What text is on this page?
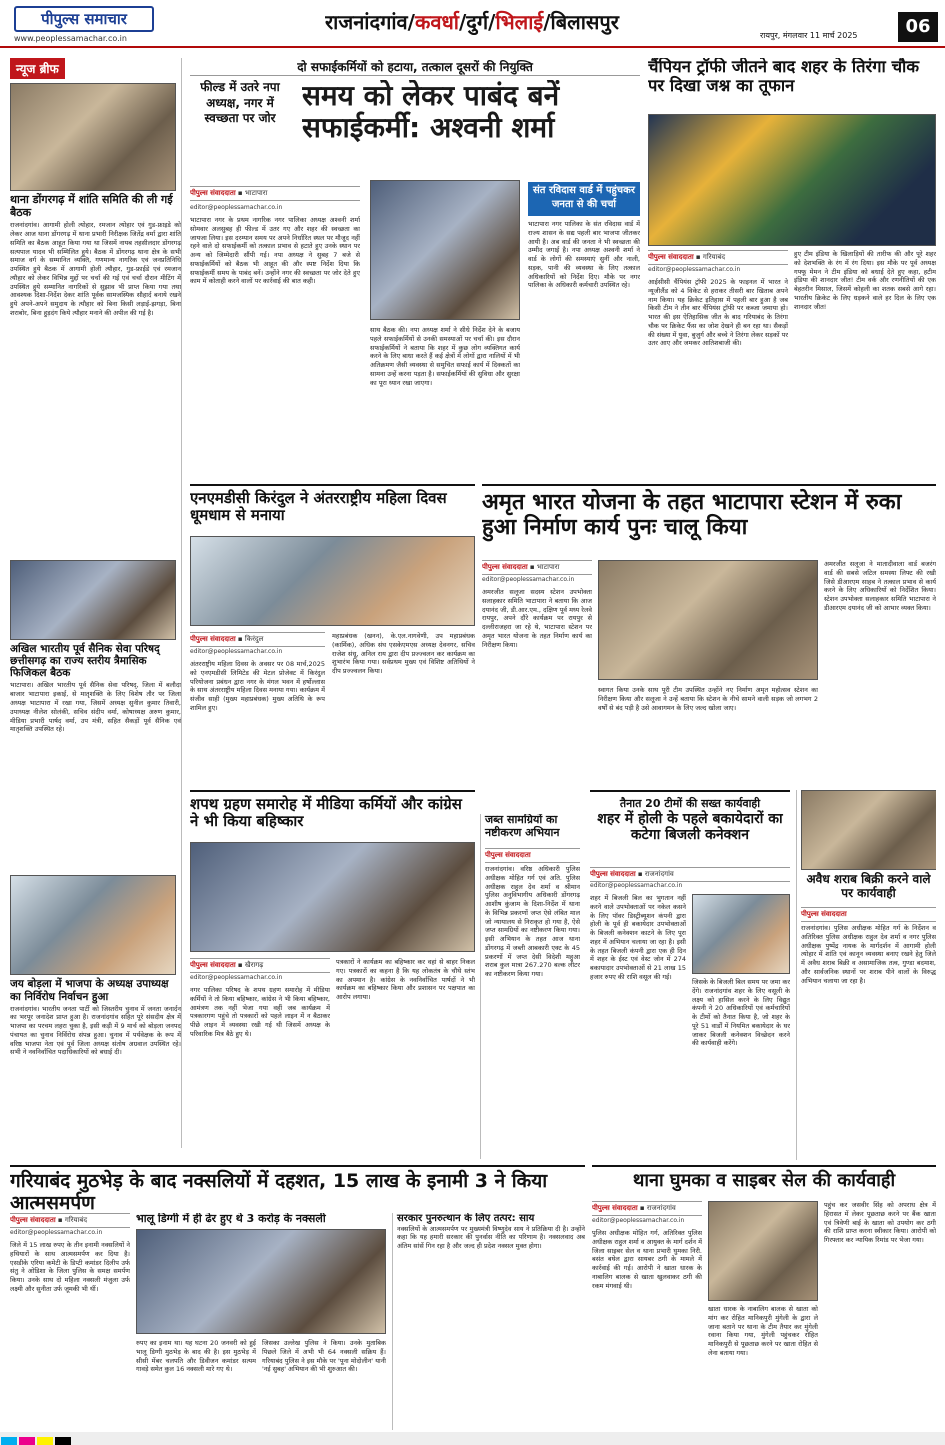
पीपुल्स समाचार
www.peoplessamachar.co.in
राजनांदगांव/कवर्धा/दुर्ग/भिलाई/बिलासपुर
रायपुर, मंगलवार 11 मार्च 2025	06
न्यूज ब्रीफ
थाना डोंगरगढ़ में शांति समिति की ली गई बैठक
राजनांदगांव। आगामी होली त्योहार, रमजान त्योहार एवं गुड-फ्राइडे को लेकर आज थाना डोंगरगढ़ में थाना प्रभारी निरीक्षक जितेंद्र वर्मा द्वारा शांति समिति का बैठक आहूत किया गया था जिसमें नायब तहसीलदार डोंगरगढ़ सत्यपाल यादव भी सम्मिलित हुये। बैठक में डोंगरगढ़ थाना क्षेत्र के सभी समाज वर्ग के सम्मानित व्यक्ति, गणमान्य नागरिक एवं जनप्रतिनिधि उपस्थित हुये बैठक में आगामी होली त्यौहार, गुड-फ्राईडे एवं रमजान त्यौहार को लेकर विभिन्न मुद्दों पर चर्चा की गई एवं चर्चा दौरान मीटिंग में उपस्थित हुये सम्मानित नागरिकों से सुझाव भी प्राप्त किया गया तथा आवश्यक दिशा-निर्देश देकर शांति पूर्वक सामजस्यिक सौहार्द बनाये रखने हुये अपने-अपने समुदाय के त्यौहार को बिना किसी लड़ाई-झगड़ा, बिना शराबोर, बिना हुड़दंग किये त्यौहार मनाने की अपील की गई है।
अखिल भारतीय पूर्व सैनिक सेवा परिषद् छत्तीसगढ़ का राज्य स्तरीय त्रैमासिक फिजिकल बैठक
भाटापारा। अखिल भारतीय पूर्व सैनिक सेवा परिषद्, जिला में बलौदा बाजार भाटापारा इकाई, से मातृशक्ति के लिए विशेष तौर पर जिला अध्यक्ष भाटापारा में रखा गया, जिसमें अध्यक्ष सुनील कुमार तिवारी, उपाध्यक्ष नीलेश सोलंकी, सचिव संदीप वर्मा, कोषाध्यक्ष अरुण कुमार, मीडिया प्रभारी पार्षद वर्मा, उप मंत्री, सहित सैकड़ों पूर्व सैनिक एवं मातृशक्ति उपस्थित रहे।
जय बोड़ला में भाजपा के अध्यक्ष उपाध्यक्ष का निर्विरोध निर्वाचन हुआ
राजनांदगांव। भारतीय जनता पार्टी को जिस्तरीय चुनाव में जनता जनार्दन का भरपूर जनादेश प्राप्त हुआ है। राजनांदगांव सहित पूरे संसदीय क्षेत्र में भाजपा का परचम लहरा चुका है, इसी कड़ी में 9 मार्च को बोड़ला जनपद पंचायत का चुनाव निर्विरोध संपन्न हुआ। चुनाव में पर्यवेक्षक के रूप में वरिष्ठ भाजपा नेता एवं पूर्व जिला अध्यक्ष संतोष अग्रवाल उपस्थित रहे। सभी ने नवनिर्वाचित पदाधिकारियों को बधाई दी।
दो सफाईकर्मियों को हटाया, तत्काल दूसरों की नियुक्ति
फील्ड में उतरे नपा अध्यक्ष, नगर में स्वच्छता पर जोर
समय को लेकर पाबंद बनें सफाईकर्मी: अश्वनी शर्मा
पीपुल्स संवाददाता ▪ भाटापारा
editor@peoplessamachar.co.in
भाटापारा नगर के प्रथम नागरिक नगर पालिका अध्यक्ष अश्वनी शर्मा सोमवार अलसुबह ही फील्ड में उतर गए और शहर की स्वच्छता का जायजा लिया। इस दरम्यान समय पर अपने निर्धारित स्थल पर मौजूद नहीं रहने वाले दो सफाईकर्मी को तत्काल प्रभाव से हटाते हुए उनके स्थान पर अन्य को जिम्मेदारी सौंपी गई। नपा अध्यक्ष ने सुबह 7 बजे से सफाईकर्मियों को बैठक भी आहूत की और स्पष्ट निर्देश दिया कि सफाईकर्मी समय के पाबंद बनें। उन्होंने नगर की स्वच्छता पर जोर देते हुए काम में कोताही करने वालों पर कार्रवाई की बात कही।
साथ बैठक की। नपा अध्यक्ष शर्मा ने सीधे निर्देश देने के बजाय पहले सफाईकर्मियों से उनकी समस्याओं पर चर्चा की। इस दौरान सफाईकर्मियों ने बताया कि शहर में कुछ लोग व्यक्तिगत कार्य करने के लिए बाधा करते हैं कई क्षेत्रों में लोगों द्वारा नालियों में भी अतिक्रमण जैसी व्यवस्था से समुचित सफाई कार्य में दिक्कतों का सामना उन्हें करना पड़ता है। सफाईकर्मियों की सुविधा और सुरक्षा का पूरा ध्यान रखा जाएगा।
संत रविदास वार्ड में पहुंचकर जनता से की चर्चा
भाटापारा नगर पालिका के संत रविदास वार्ड में राज्य शासन के सद्य पहली बार भाजपा जीतकर आयी है। अब वार्ड की जनता ने भी स्वच्छता की उम्मीद जगाई है। नपा अध्यक्ष अश्वनी शर्मा ने वार्ड के लोगों की समस्याएं सुनीं और नाली, सड़क, पानी की व्यवस्था के लिए तत्काल अधिकारियों को निर्देश दिए। मौके पर नगर पालिका के अधिकारी कर्मचारी उपस्थित रहे।
चैंपियन ट्रॉफी जीतने बाद शहर के तिरंगा चौक पर दिखा जश्न का तूफान
पीपुल्स संवाददाता ▪ गरियाबंद
editor@peoplessamachar.co.in
आईसीसी चैंपियंस ट्रॉफी 2025 के फाइनल में भारत ने न्यूजीलैंड को 4 विकेट से हराकर तीसरी बार खिताब अपने नाम किया। यह क्रिकेट इतिहास में पहली बार हुआ है जब किसी टीम ने तीन बार चैंपियंस ट्रॉफी पर कब्जा जमाया हो। भारत की इस ऐतिहासिक जीत के बाद गरियाबंद के तिरंगा चौक पर क्रिकेट फैंस का जोश देखने ही बन रहा था। सैकड़ों की संख्या में युवा, बुजुर्ग और बच्चे ने तिरंगा लेकर सड़कों पर उतर आए और जमकर आतिशबाजी की।
हुए टीम इंडिया के खिलाड़ियों की तारीफ की और पूरे शहर को देशभक्ति के रंग में रंग दिया। इस मौके पर पूर्व अध्यक्ष गफ्फू मेमन ने टीम इंडिया को बधाई देते हुए कहा, हटीम इंडिया की शानदार जीत! टीम वर्क और रणनीतियों की एक बेहतरीन मिसाल, जिसमें कोहली का शतक सबसे आगे रहा। भारतीय क्रिकेट के लिए धड़कने वाले हर दिल के लिए एक शानदार जीत!
एनएमडीसी किरंदुल ने अंतरराष्ट्रीय महिला दिवस धूमधाम से मनाया
पीपुल्स संवाददाता ▪ किरंदुल
editor@peoplessamachar.co.in
अंतरराष्ट्रीय महिला दिवस के अवसर पर 08 मार्च,2025 को एनएमडीसी लिमिटेड की मेटल प्रोजेक्ट में किरंदुल परियोजना प्रबंधन द्वारा नगर के मंगल भवन में हर्षोल्लास के साथ अंतरराष्ट्रीय महिला दिवस मनाया गया। कार्यक्रम में संजीव साही (मुख्य महाप्रबंधक) मुख्य अतिथि के रूप शामिल हुए।
महाप्रबंधक (खनन), के.एल.नागवेणी, उप महाप्रबंधक (कार्मिक), अधिक संघ एसकेएमएस अध्यक्ष देवनगर, सचिव राजेश संधू, अनिल राय द्वारा दीप प्रज्ज्वलन कर कार्यक्रम का शुभारंभ किया गया। सर्वप्रथम मुख्य एवं विशिष्ट अतिथियों ने दीप प्रज्ज्वलन किया।
अमृत भारत योजना के तहत भाटापारा स्टेशन में रुका हुआ निर्माण कार्य पुनः चालू किया
पीपुल्स संवाददाता ▪ भाटापारा
editor@peoplessamachar.co.in
अमरजीत सलूजा सदस्य स्टेशन उपभोक्ता सलाहकार समिति भाटापारा ने बताया कि आज दयानंद जी, डी.आर.एम., दक्षिण पूर्व मध्य रेलवे रायपुर, अपने दौरे कार्यक्रम पर रायपुर से दल्लीराजहरा जा रहे थे, भाटापारा स्टेशन पर अमृत भारत योजना के तहत निर्माण कार्य का निरीक्षण किया।
स्वागत किया उनके साथ पूरी टीम उपस्थित उन्होंने नए निर्माण अमृत महोत्सव स्टेशन का निरीक्षण किया और सलूजा ने उन्हें बताया कि स्टेशन के नीचे सामने वाली सड़क जो लगभग 2 वर्षों से बंद पड़ी है उसे आवागमन के लिए जल्द खोला जाए।
अमरजीत सलूजा ने मातादीवाला वार्ड बजरंग वार्ड की सबसे जटिल समस्या लिफ्ट की रखी जिसे डीआरएम साहब ने तत्काल प्रभाव से कार्य करने के लिए अधिकारियों को निर्देशित किया। स्टेशन उपभोक्ता सलाहकार समिति भाटापारा ने डीआरएम दयानंद जी को आभार व्यक्त किया।
शपथ ग्रहण समारोह में मीडिया कर्मियों और कांग्रेस ने भी किया बहिष्कार
पीपुल्स संवाददाता ▪ खैरागढ़
editor@peoplessamachar.co.in
नगर पालिका परिषद के शपथ ग्रहण समारोह में मीडिया कर्मियों ने तो किया बहिष्कार, कांग्रेस ने भी किया बहिष्कार, आमंत्रण तक नहीं भेजा गया वहीं जब कार्यक्रम में पत्रकारगण पहुंचे तो पत्रकारों को पहले लाइन में न बैठाकर पीछे लाइन में व्यवस्था रखी गई थी जिसमें अध्यक्ष के परिवारिक मित्र बैठे हुए थे।
पत्रकारों ने कार्यक्रम का बहिष्कार कर वहां से बाहर निकल गए। पत्रकारों का कहना है कि यह लोकतंत्र के चौथे स्तंभ का अपमान है। कांग्रेस के नवनिर्वाचित पार्षदों ने भी कार्यक्रम का बहिष्कार किया और प्रशासन पर पक्षपात का आरोप लगाया।
जब्त सामग्रियों का नष्टीकरण अभियान
पीपुल्स संवाददाता
राजनांदगांव। वरिष्ठ अधिकारी पुलिस अधीक्षक मोहित गर्ग एवं अति. पुलिस अधीक्षक राहुल देव शर्मा व श्रीमान पुलिस अनुविभागीय अधिकारी डोंगरगढ़ आशीष कुंजाम के दिशा-निर्देश में थाना के विभिन्न प्रकरणों जप्त ऐसे लंबित माल जो न्यायालय से निराकृत हो गया है, ऐसे जप्त सामग्रियों का नष्टीकरण किया गया। इसी अभियान के तहत आज थाना डोंगरगढ़ में जब्ती आबकारी एक्ट के 45 प्रकरणों में जप्त देसी विदेशी महुआ शराब कुल मात्रा 267.270 बल्क लीटर का नष्टीकरण किया गया।
तैनात 20 टीमों की सख्त कार्यवाही
शहर में होली के पहले बकायेदारों का कटेगा बिजली कनेक्शन
पीपुल्स संवाददाता ▪ राजनांदगांव
editor@peoplessamachar.co.in
शहर में बिजली बिल का भुगतान नहीं करने वाले उपभोक्ताओं पर नकेल कसने के लिए पॉवर डिस्ट्रीब्यूशन कंपनी द्वारा होली के पूर्व ही बकायेदार उपभोक्ताओं के बिजली कनेक्शन काटने के लिए पूरा शहर में अभियान चलाया जा रहा है। इसी के तहत बिजली कंपनी द्वारा एक ही दिन में शहर के ईस्ट एवं वेस्ट जोन में 274 बकायादार उपभोक्ताओं से 21 लाख 15 हजार रुपए की राशि वसूल की गई।
जिसके के बिजली बिल समय पर जमा कर देंगे। राजनांदगांव शहर के लिए वसूली के लक्ष्य को हासिल करने के लिए विद्युत कंपनी ने 20 अधिकारियों एवं कर्मचारियों के टीमों को तैनात किया है, जो शहर के पूरे 51 वार्डों में नियमित बकायेदार के घर जाकर बिजली कनेक्शन विच्छेदन करने की कार्यवाही करेंगे।
अवैध शराब बिक्री करने वाले पर कार्यवाही
पीपुल्स संवाददाता
राजनांदगांव। पुलिस अधीक्षक मोहित गर्ग के निर्देशन व अतिरिक्त पुलिस अधीक्षक राहुल देव शर्मा व नगर पुलिस अधीक्षक पुष्पेंद्र नायक के मार्गदर्शन में आगामी होली त्योहार में शांति एवं कानून व्यवस्था बनाए रखने हेतु जिले में अवैध शराब बिक्री व असामाजिक तत्व, गुण्डा बदमाश, और सार्वजनिक स्थानों पर शराब पीने वालों के विरुद्ध अभियान चलाया जा रहा है।
गरियाबंद मुठभेड़ के बाद नक्सलियों में दहशत, 15 लाख के इनामी 3 ने किया आत्मसमर्पण
पीपुल्स संवाददाता ▪ गरियाबंद
editor@peoplessamachar.co.in
जिले में 15 लाख रुपए के तीन इनामी नक्सलियों ने हथियारों के साथ आत्मसमर्पण कर दिया है। एसडीके एरिया कमेटी के डिप्टी कमांडर दिलीप उर्फ संतु ने ओडिशा के जिला पुलिस के समक्ष समर्पण किया। उनके साथ दो महिला नक्सली मंजुला उर्फ लक्ष्मी और सुनीता उर्फ जूमकी भी थीं।
भालू डिग्गी में ही ढेर हुए थे 3 करोड़ के नक्सली
रुपए का इनाम था। यह घटना 20 जनवरी को हुई भालू डिग्गी मुठभेड़ के बाद की है। इस मुठभेड़ में सीसी मेंबर चलपति और डिवीजन कमांडर सत्यम गावड़े समेत कुल 16 नक्सली मारे गए थे।
जिसका उल्लेख पुलिस ने किया। उनके मुताबिक पिछले जिले में अभी भी 64 नक्सली सक्रिय हैं। गरियाबंद पुलिस ने इस मौके पर 'पूना मोदोलीन' यानी 'नई सुबह' अभियान की भी शुरुआत की।
सरकार पुनरुत्थान के लिए तत्पर: साय
नक्सलियों के आत्मसमर्पण पर मुख्यमंत्री विष्णुदेव साय ने प्रतिक्रिया दी है। उन्होंने कहा कि यह हमारी सरकार की पुनर्वास नीति का परिणाम है। नक्सलवाद अब अंतिम सांसें गिन रहा है और जल्द ही प्रदेश नक्सल मुक्त होगा।
थाना घुमका व साइबर सेल की कार्यवाही
पीपुल्स संवाददाता ▪ राजनांदगांव
editor@peoplessamachar.co.in
पुलिस अधीक्षक मोहित गर्ग, अतिरिक्त पुलिस अधीक्षक राहुल शर्मा व आयुक्त के मार्ग दर्शन में जिला साइबर सेल व थाना प्रभारी घुमका निरी. बसंत बघेल द्वारा सायबर ठगी के मामले में कार्रवाई की गई। आरोपी ने खाता धारक के नाबालिग बालक से खाता खुलवाकर ठगी की रकम मंगवाई थी।
खाता धारक के नाबालिग बालक से खाता को मांग कर रोहित मानिकपुरी मुंगेली के द्वारा ले जाना बताने पर थाना के टीम तैयार कर मुंगेली रवाना किया गया, मुंगेली पहुंचकर रोहित मानिकपुरी से पूछताछ करने पर खाता रोहित से लेना बताया गया।
पहुंच कर जसवीर सिंह को अपराध क्षेत्र में हिरासत में लेकर पूछताछ करने पर बैंक खाता एवं त्रिवेणी बाई के खाता को उपयोग कर ठगी की राशि प्राप्त करना स्वीकार किया। आरोपी को गिरफ्तार कर न्यायिक रिमांड पर भेजा गया।
